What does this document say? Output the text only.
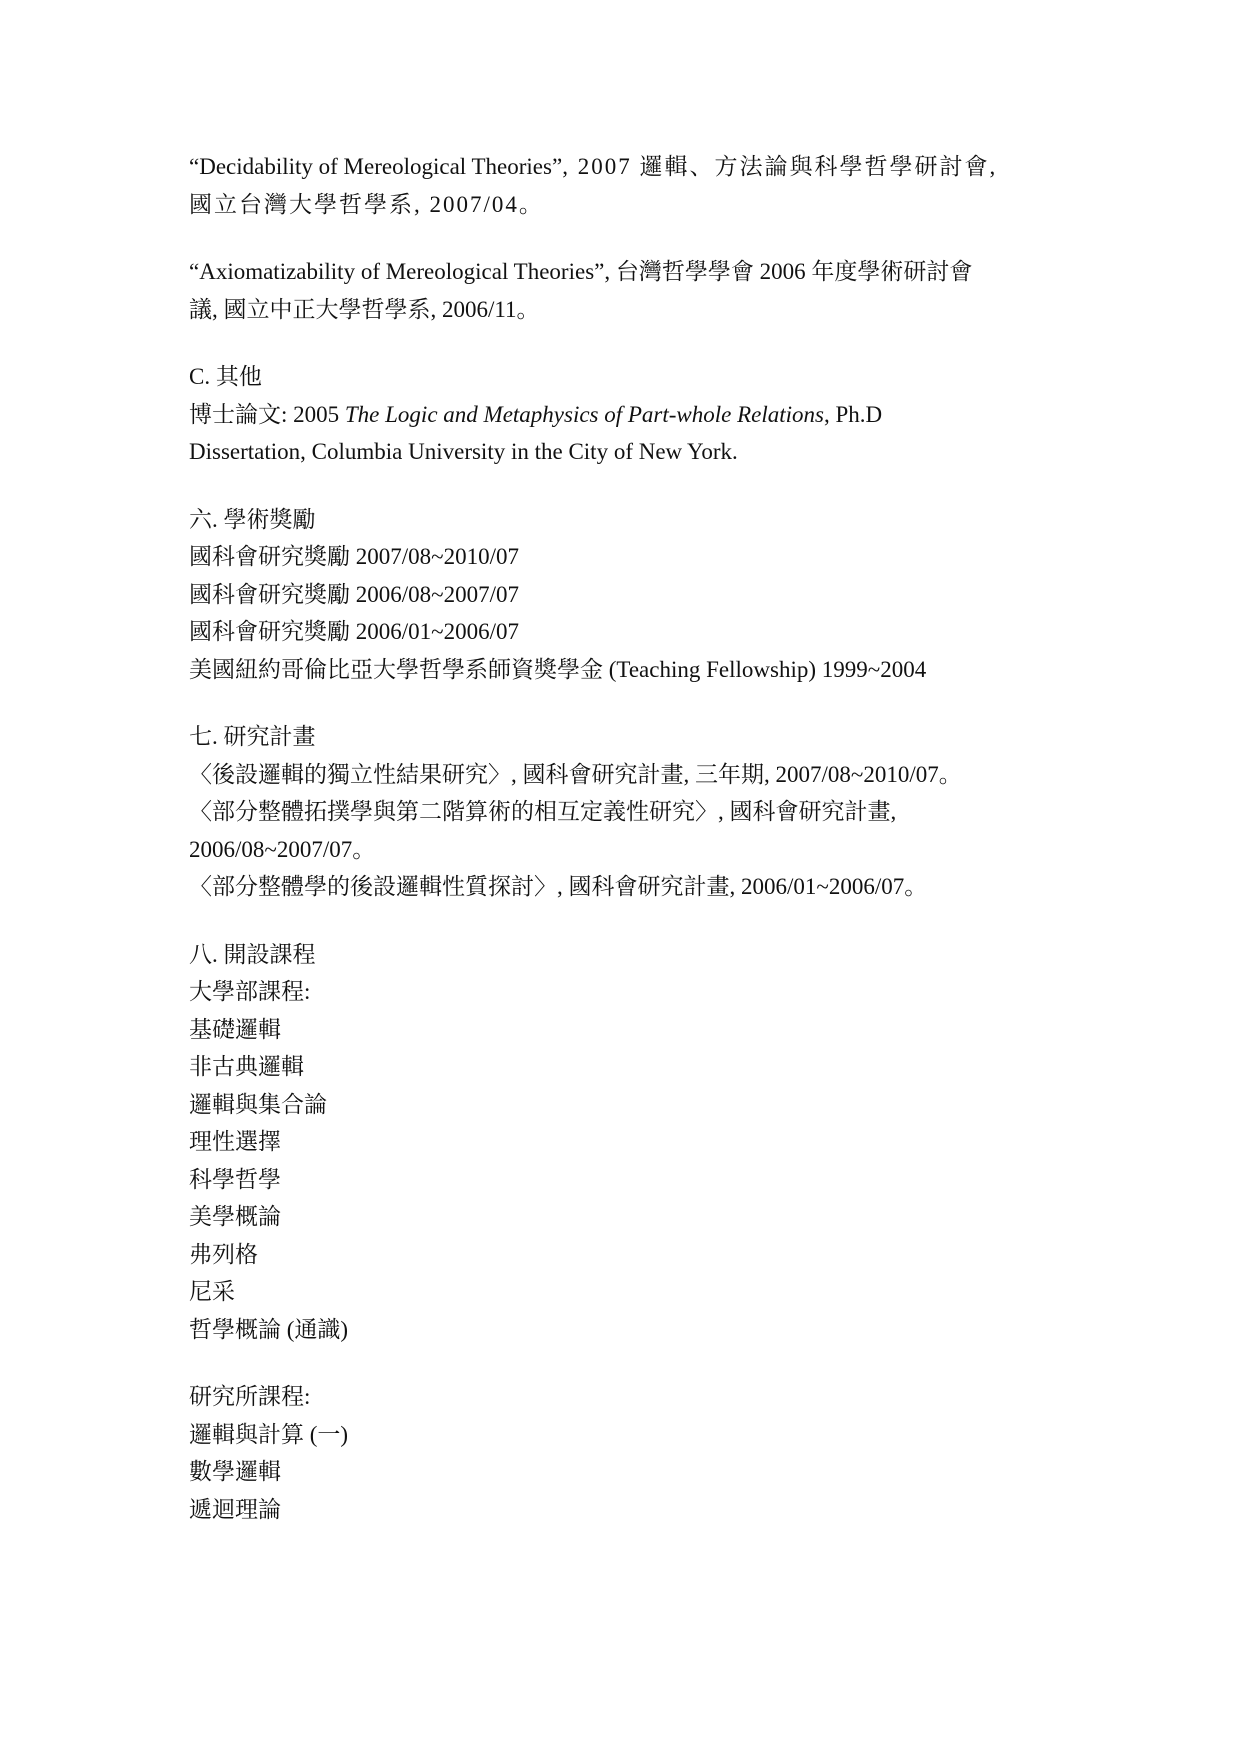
“Decidability of Mereological Theories”, 2007 邏輯、方法論與科學哲學研討會,
國立台灣大學哲學系, 2007/04。
“Axiomatizability of Mereological Theories”, 台灣哲學學會 2006 年度學術研討會
議, 國立中正大學哲學系, 2006/11。
C. 其他
博士論文: 2005 The Logic and Metaphysics of Part-whole Relations, Ph.D
Dissertation, Columbia University in the City of New York.
六. 學術獎勵
國科會研究獎勵 2007/08~2010/07
國科會研究獎勵 2006/08~2007/07
國科會研究獎勵 2006/01~2006/07
美國紐約哥倫比亞大學哲學系師資獎學金 (Teaching Fellowship) 1999~2004
七. 研究計畫
〈後設邏輯的獨立性結果研究〉, 國科會研究計畫, 三年期, 2007/08~2010/07。
〈部分整體拓撲學與第二階算術的相互定義性研究〉, 國科會研究計畫,
2006/08~2007/07。
〈部分整體學的後設邏輯性質探討〉, 國科會研究計畫, 2006/01~2006/07。
八. 開設課程
大學部課程:
基礎邏輯
非古典邏輯
邏輯與集合論
理性選擇
科學哲學
美學概論
弗列格
尼采
哲學概論 (通識)
研究所課程:
邏輯與計算 (一)
數學邏輯
遞迴理論
